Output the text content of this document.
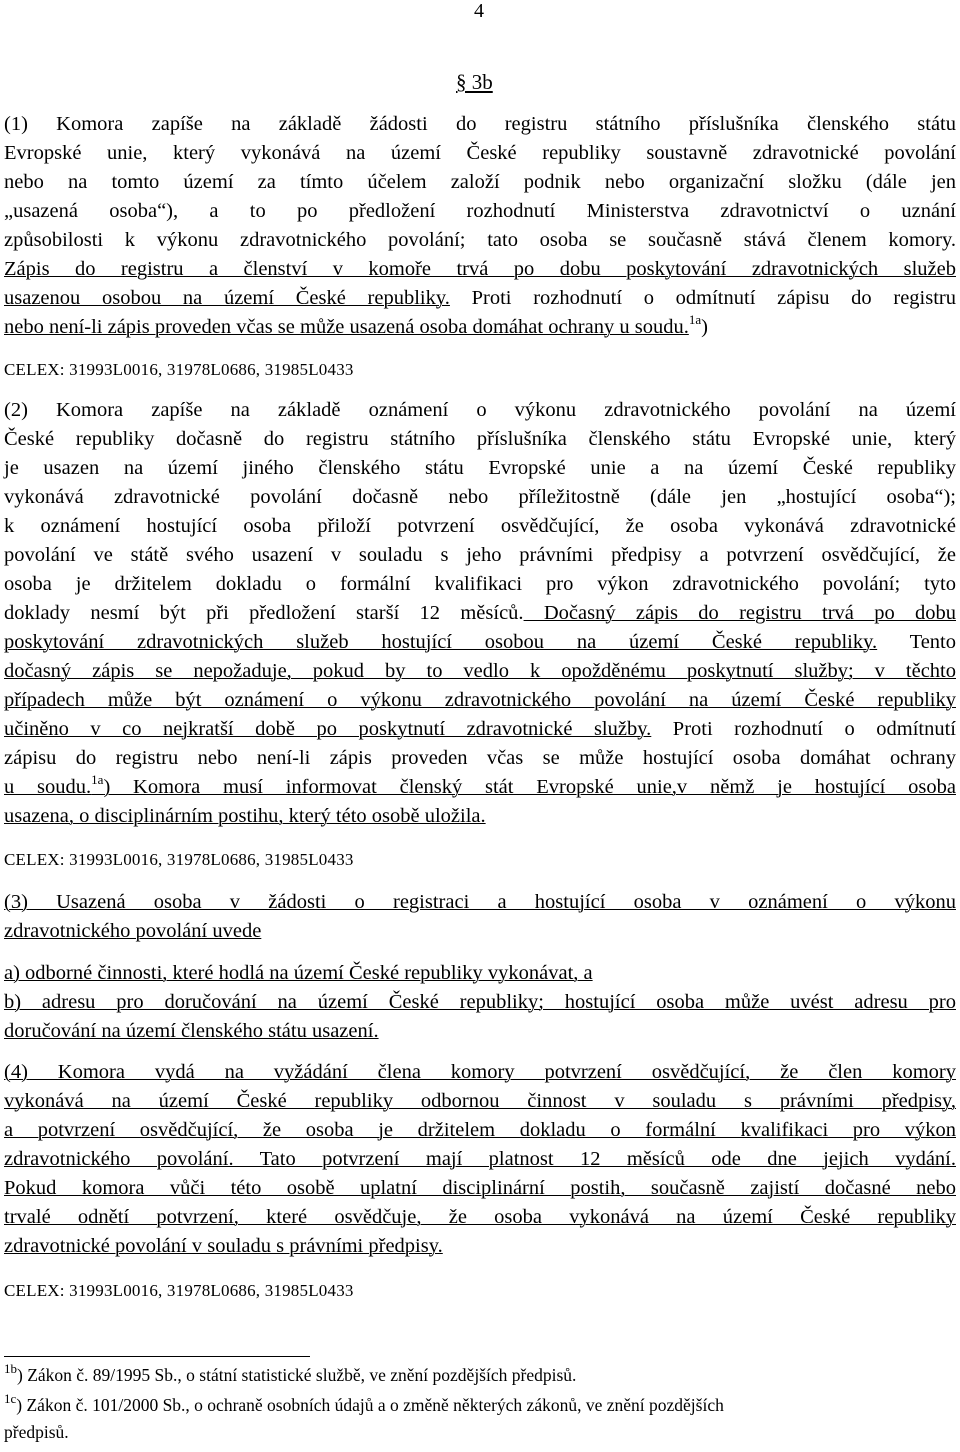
4
§ 3b
(1) Komora zapíše na základě žádosti do registru státního příslušníka členského státu
Evropské unie, který vykonává na území České republiky soustavně zdravotnické povolání
nebo na tomto území za tímto účelem založí podnik nebo organizační složku (dále jen
„usazená osoba“), a to po předložení rozhodnutí Ministerstva zdravotnictví o uznání
způsobilosti k výkonu zdravotnického povolání; tato osoba se současně stává členem komory.
Zápis do registru a členství v komoře trvá po dobu poskytování zdravotnických služeb
usazenou osobou na území České republiky. Proti rozhodnutí o odmítnutí zápisu do registru
nebo není-li zápis proveden včas se může usazená osoba domáhat ochrany u soudu.$^{1a}$)
CELEX: 31993L0016, 31978L0686, 31985L0433
(2) Komora zapíše na základě oznámení o výkonu zdravotnického povolání na území
České republiky dočasně do registru státního příslušníka členského státu Evropské unie, který
je usazen na území jiného členského státu Evropské unie a na území České republiky
vykonává zdravotnické povolání dočasně nebo příležitostně (dále jen „hostující osoba“);
k oznámení hostující osoba přiloží potvrzení osvědčující, že osoba vykonává zdravotnické
povolání ve státě svého usazení v souladu s jeho právními předpisy a potvrzení osvědčující, že
osoba je držitelem dokladu o formální kvalifikaci pro výkon zdravotnického povolání; tyto
doklady nesmí být při předložení starší 12 měsíců. Dočasný zápis do registru trvá po dobu
poskytování zdravotnických služeb hostující osobou na území České republiky. Tento
dočasný zápis se nepožaduje, pokud by to vedlo k opožděnému poskytnutí služby; v těchto
případech může být oznámení o výkonu zdravotnického povolání na území České republiky
učiněno v co nejkratší době po poskytnutí zdravotnické služby. Proti rozhodnutí o odmítnutí
zápisu do registru nebo není-li zápis proveden včas se může hostující osoba domáhat ochrany
u soudu.$^{1a}$) Komora musí informovat členský stát Evropské unie,v němž je hostující osoba
usazena, o disciplinárním postihu, který této osobě uložila.
CELEX: 31993L0016, 31978L0686, 31985L0433
(3) Usazená osoba v žádosti o registraci a hostující osoba v oznámení o výkonu
zdravotnického povolání uvede
a) odborné činnosti, které hodlá na území České republiky vykonávat, a
b) adresu pro doručování na území České republiky; hostující osoba může uvést adresu pro
doručování na území členského státu usazení.
(4) Komora vydá na vyžádání člena komory potvrzení osvědčující, že člen komory
vykonává na území České republiky odbornou činnost v souladu s právními předpisy,
a potvrzení osvědčující, že osoba je držitelem dokladu o formální kvalifikaci pro výkon
zdravotnického povolání. Tato potvrzení mají platnost 12 měsíců ode dne jejich vydání.
Pokud komora vůči této osobě uplatní disciplinární postih, současně zajistí dočasné nebo
trvalé odnětí potvrzení, které osvědčuje, že osoba vykonává na území České republiky
zdravotnické povolání v souladu s právními předpisy.
CELEX: 31993L0016, 31978L0686, 31985L0433
$^{1b}$) Zákon č. 89/1995 Sb., o státní statistické službě, ve znění pozdějších předpisů.
$^{1c}$) Zákon č. 101/2000 Sb., o ochraně osobních údajů a o změně některých zákonů, ve znění pozdějších
předpisů.
